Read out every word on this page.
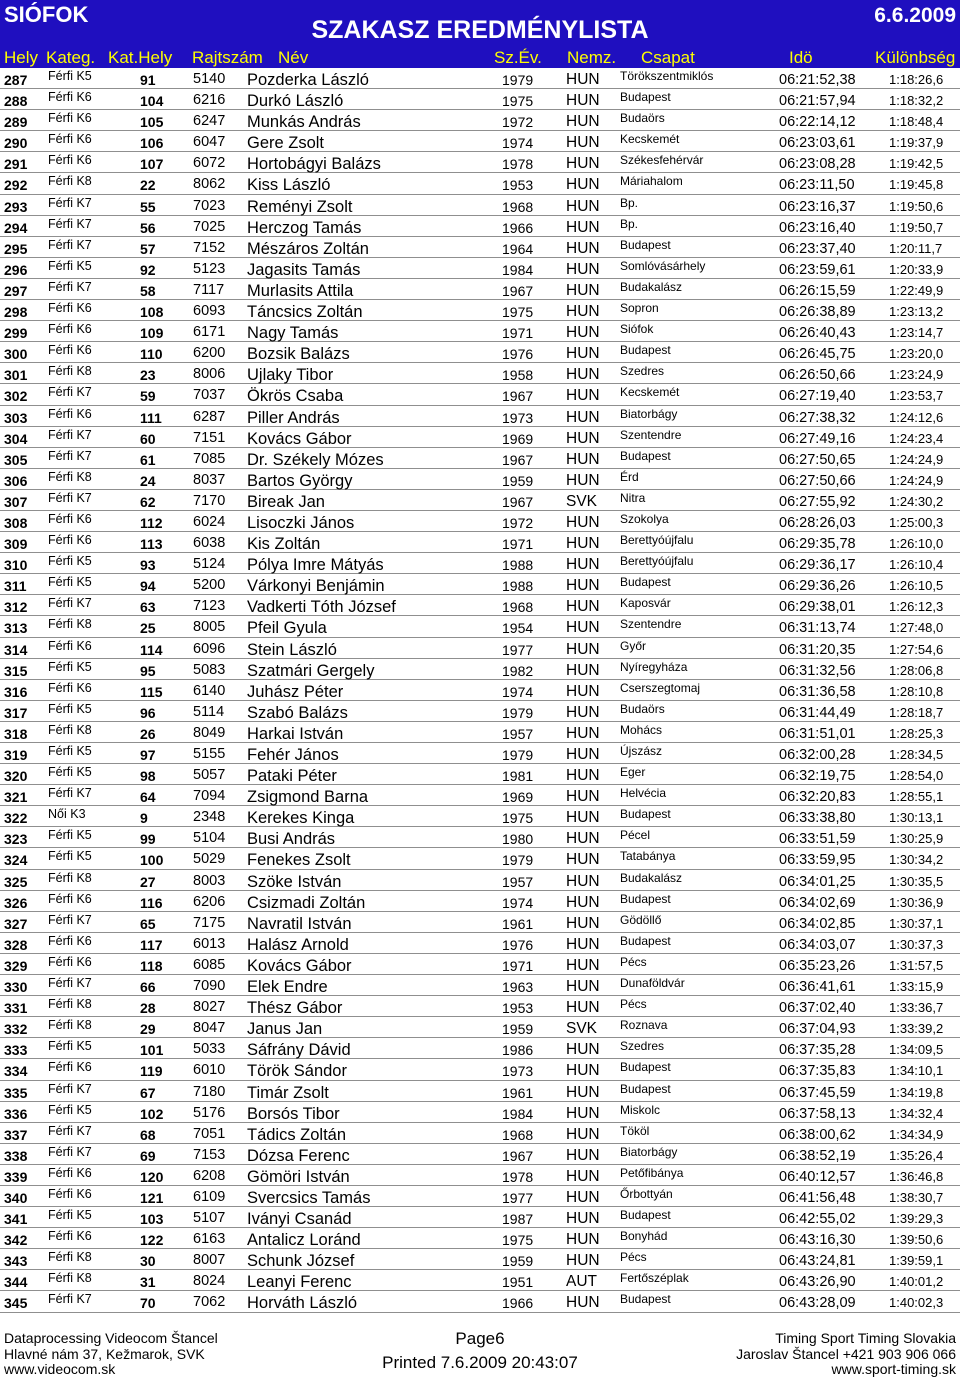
SIÓFOK
SZAKASZ EREDMÉNYLISTA
6.6.2009
Hely Kateg. Kat.Hely Rajtszám Név	Sz.Év. Nemz. Csapat	Idö	Különbség
287 Férfi K5	91	5140 Pozderka László	1979 HUN Törökszentmiklós	06:21:52,38	1:18:26,6
288 Férfi K6	104 6216 Durkó László	1975 HUN Budapest	06:21:57,94	1:18:32,2
289 Férfi K6	105 6247 Munkás András	1972 HUN Budaörs	06:22:14,12	1:18:48,4
290 Férfi K6	106 6047 Gere Zsolt	1974 HUN Kecskemét	06:23:03,61	1:19:37,9
291 Férfi K6	107 6072 Hortobágyi Balázs	1978 HUN Székesfehérvár	06:23:08,28	1:19:42,5
292 Férfi K8	22	8062 Kiss László	1953 HUN Máriahalom	06:23:11,50	1:19:45,8
293 Férfi K7	55	7023 Reményi Zsolt	1968 HUN Bp.	06:23:16,37	1:19:50,6
294 Férfi K7	56	7025 Herczog Tamás	1966 HUN Bp.	06:23:16,40	1:19:50,7
295 Férfi K7	57	7152 Mészáros Zoltán	1964 HUN Budapest	06:23:37,40	1:20:11,7
296 Férfi K5	92	5123 Jagasits Tamás	1984 HUN Somlóvásárhely	06:23:59,61	1:20:33,9
297 Férfi K7	58	7117 Murlasits Attila	1967 HUN Budakalász	06:26:15,59	1:22:49,9
298 Férfi K6	108 6093 Táncsics Zoltán	1975 HUN Sopron	06:26:38,89	1:23:13,2
299 Férfi K6	109 6171 Nagy Tamás	1971 HUN Siófok	06:26:40,43	1:23:14,7
300 Férfi K6	110 6200 Bozsik Balázs	1976 HUN Budapest	06:26:45,75	1:23:20,0
301 Férfi K8	23	8006 Ujlaky Tibor	1958 HUN Szedres	06:26:50,66	1:23:24,9
302 Férfi K7	59	7037 Ökrös Csaba	1967 HUN Kecskemét	06:27:19,40	1:23:53,7
303 Férfi K6	111 6287 Piller András	1973 HUN Biatorbágy	06:27:38,32	1:24:12,6
304 Férfi K7	60	7151 Kovács Gábor	1969 HUN Szentendre	06:27:49,16	1:24:23,4
305 Férfi K7	61	7085 Dr. Székely Mózes	1967 HUN Budapest	06:27:50,65	1:24:24,9
306 Férfi K8	24	8037 Bartos György	1959 HUN Érd	06:27:50,66	1:24:24,9
307 Férfi K7	62	7170 Bireak Jan	1967 SVK Nitra	06:27:55,92	1:24:30,2
308 Férfi K6	112 6024 Lisoczki János	1972 HUN Szokolya	06:28:26,03	1:25:00,3
309 Férfi K6	113 6038 Kis Zoltán	1971 HUN Berettyóújfalu	06:29:35,78	1:26:10,0
310 Férfi K5	93	5124 Pólya Imre Mátyás	1988 HUN Berettyóújfalu	06:29:36,17	1:26:10,4
311 Férfi K5	94	5200 Várkonyi Benjámin	1988 HUN Budapest	06:29:36,26	1:26:10,5
312 Férfi K7	63	7123 Vadkerti Tóth József	1968 HUN Kaposvár	06:29:38,01	1:26:12,3
313 Férfi K8	25	8005 Pfeil Gyula	1954 HUN Szentendre	06:31:13,74	1:27:48,0
314 Férfi K6	114 6096 Stein László	1977 HUN Győr	06:31:20,35	1:27:54,6
315 Férfi K5	95	5083 Szatmári Gergely	1982 HUN Nyíregyháza	06:31:32,56	1:28:06,8
316 Férfi K6	115 6140 Juhász Péter	1974 HUN Cserszegtomaj	06:31:36,58	1:28:10,8
317 Férfi K5	96	5114 Szabó Balázs	1979 HUN Budaörs	06:31:44,49	1:28:18,7
318 Férfi K8	26	8049 Harkai István	1957 HUN Mohács	06:31:51,01	1:28:25,3
319 Férfi K5	97	5155 Fehér János	1979 HUN Újszász	06:32:00,28	1:28:34,5
320 Férfi K5	98	5057 Pataki Péter	1981 HUN Eger	06:32:19,75	1:28:54,0
321 Férfi K7	64	7094 Zsigmond Barna	1969 HUN Helvécia	06:32:20,83	1:28:55,1
322 Női K3	9	2348 Kerekes Kinga	1975 HUN Budapest	06:33:38,80	1:30:13,1
323 Férfi K5	99	5104 Busi András	1980 HUN Pécel	06:33:51,59	1:30:25,9
324 Férfi K5	100 5029 Fenekes Zsolt	1979 HUN Tatabánya	06:33:59,95	1:30:34,2
325 Férfi K8	27	8003 Szöke István	1957 HUN Budakalász	06:34:01,25	1:30:35,5
326 Férfi K6	116 6206 Csizmadi Zoltán	1974 HUN Budapest	06:34:02,69	1:30:36,9
327 Férfi K7	65	7175 Navratil István	1961 HUN Gödöllő	06:34:02,85	1:30:37,1
328 Férfi K6	117 6013 Halász Arnold	1976 HUN Budapest	06:34:03,07	1:30:37,3
329 Férfi K6	118 6085 Kovács Gábor	1971 HUN Pécs	06:35:23,26	1:31:57,5
330 Férfi K7	66	7090 Elek Endre	1963 HUN Dunaföldvár	06:36:41,61	1:33:15,9
331 Férfi K8	28	8027 Thész Gábor	1953 HUN Pécs	06:37:02,40	1:33:36,7
332 Férfi K8	29	8047 Janus Jan	1959 SVK Roznava	06:37:04,93	1:33:39,2
333 Férfi K5	101 5033 Sáfrány Dávid	1986 HUN Szedres	06:37:35,28	1:34:09,5
334 Férfi K6	119 6010 Török Sándor	1973 HUN Budapest	06:37:35,83	1:34:10,1
335 Férfi K7	67	7180 Timár Zsolt	1961 HUN Budapest	06:37:45,59	1:34:19,8
336 Férfi K5	102 5176 Borsós Tibor	1984 HUN Miskolc	06:37:58,13	1:34:32,4
337 Férfi K7	68	7051 Tádics Zoltán	1968 HUN Tököl	06:38:00,62	1:34:34,9
338 Férfi K7	69	7153 Dózsa Ferenc	1967 HUN Biatorbágy	06:38:52,19	1:35:26,4
339 Férfi K6	120 6208 Gömöri István	1978 HUN Petőfibánya	06:40:12,57	1:36:46,8
340 Férfi K6	121 6109 Svercsics Tamás	1977 HUN Őrbottyán	06:41:56,48	1:38:30,7
341 Férfi K5	103 5107 Iványi Csanád	1987 HUN Budapest	06:42:55,02	1:39:29,3
342 Férfi K6	122 6163 Antalicz Loránd	1975 HUN Bonyhád	06:43:16,30	1:39:50,6
343 Férfi K8	30	8007 Schunk József	1959 HUN Pécs	06:43:24,81	1:39:59,1
344 Férfi K8	31	8024 Leanyi Ferenc	1951 AUT Fertőszéplak	06:43:26,90	1:40:01,2
345 Férfi K7	70	7062 Horváth László	1966 HUN Budapest	06:43:28,09	1:40:02,3
Dataprocessing Videocom Štancel
Hlavné nám 37, Kežmarok, SVK
www.videocom.sk
Page6
Printed 7.6.2009 20:43:07
Timing Sport Timing Slovakia
Jaroslav Štancel +421 903 906 066
www.sport-timing.sk
